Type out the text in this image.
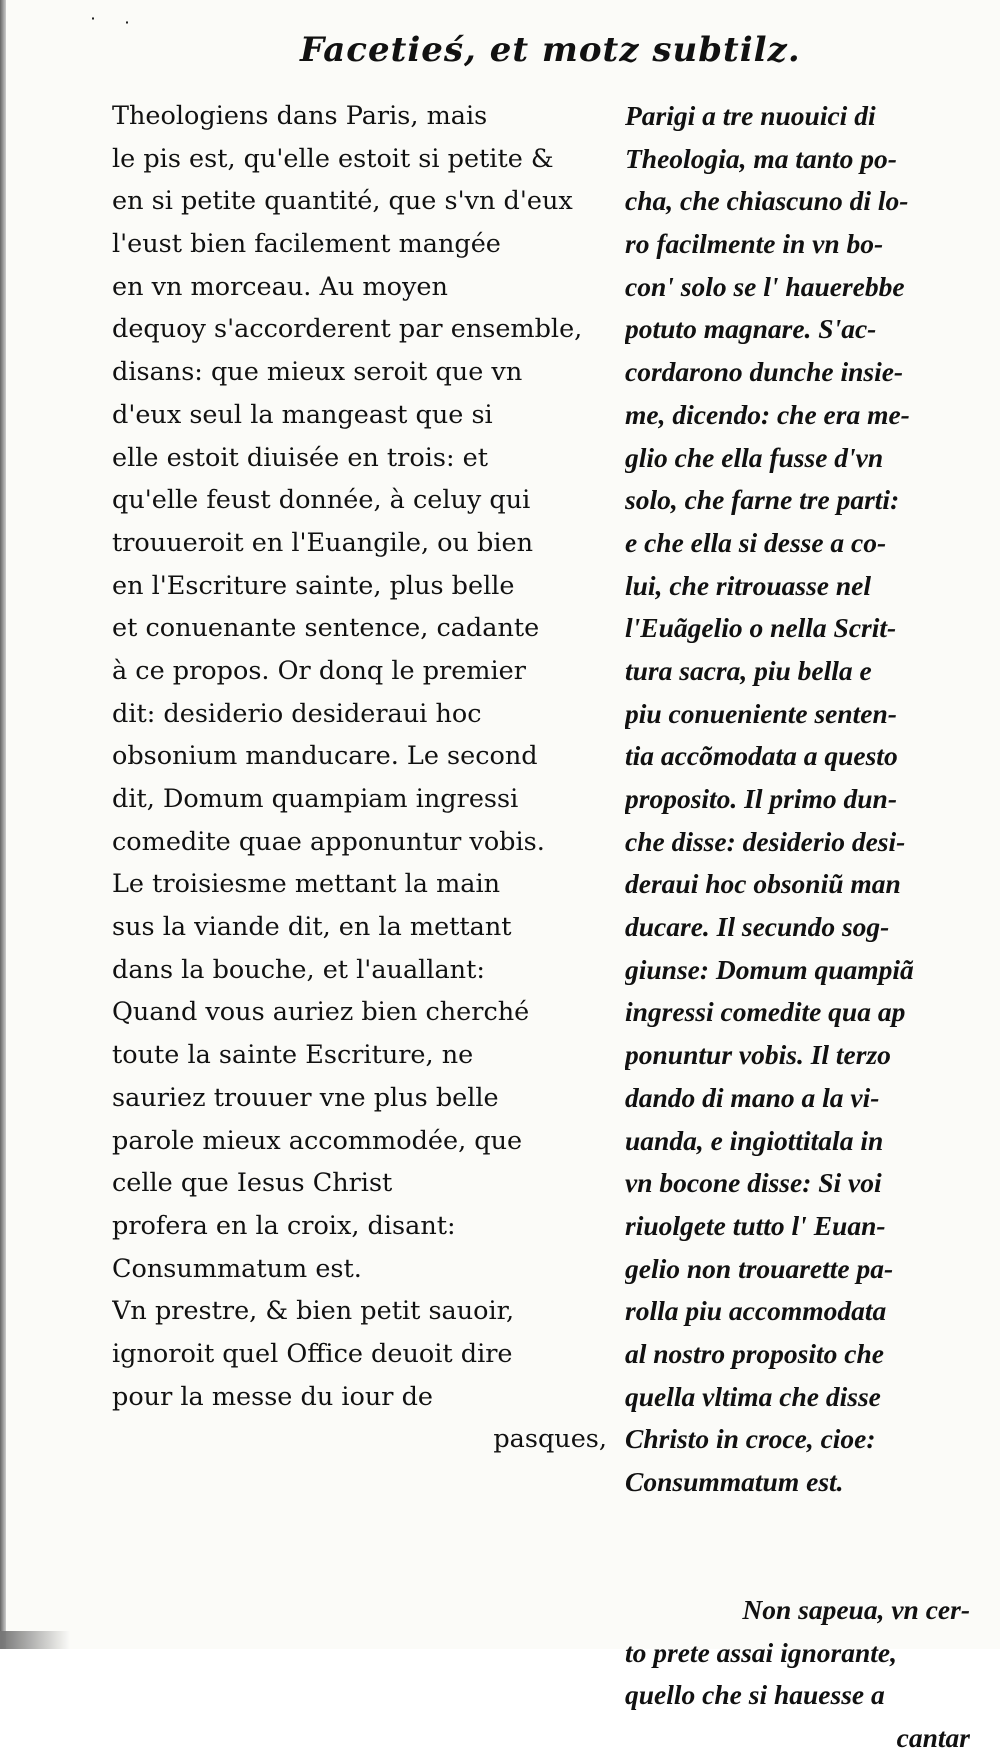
˙ ˙	Facetieś, et motz subtilz.
Theologiens dans Paris, mais
le pis est, qu'elle estoit si petite &
en si petite quantité, que s'vn d'eux
l'eust bien facilement mangée
en vn morceau. Au moyen
dequoy s'accorderent par ensemble,
disans: que mieux seroit que vn
d'eux seul la mangeast que si
elle estoit diuisée en trois: et
qu'elle feust donnée, à celuy qui
trouueroit en l'Euangile, ou bien
en l'Escriture sainte, plus belle
et conuenante sentence, cadante
à ce propos. Or donq le premier
dit: desiderio desideraui hoc
obsonium manducare. Le second
dit, Domum quampiam ingressi
comedite quae apponuntur vobis.
Le troisiesme mettant la main
sus la viande dit, en la mettant
dans la bouche, et l'auallant:
Quand vous auriez bien cherché
toute la sainte Escriture, ne
sauriez trouuer vne plus belle
parole mieux accommodée, que
celle que Iesus Christ
profera en la croix, disant:
Consummatum est.
Vn prestre, & bien petit sauoir,
ignoroit quel Office deuoit dire
pour la messe du iour de
pasques,
Parigi a tre nuouici di
Theologia, ma tanto po-
cha, che chiascuno di lo-
ro facilmente in vn bo-
con' solo se l' hauerebbe
potuto magnare. S'ac-
cordarono dunche insie-
me, dicendo: che era me-
glio che ella fusse d'vn
solo, che farne tre parti:
e che ella si desse a co-
lui, che ritrouasse nel
l'Euãgelio o nella Scrit-
tura sacra, piu bella e
piu conueniente senten-
tia accõmodata a questo
proposito. Il primo dun-
che disse: desiderio desi-
deraui hoc obsoniũ man
ducare. Il secundo sog-
giunse: Domum quampiã
ingressi comedite qua ap
ponuntur vobis. Il terzo
dando di mano a la vi-
uanda, e ingiottitala in
vn bocone disse: Si voi
riuolgete tutto l' Euan-
gelio non trouarette pa-
rolla piu accommodata
al nostro proposito che
quella vltima che disse
Christo in croce, cioe:
Consummatum est.
Non sapeua, vn cer-
to prete assai ignorante,
quello che si hauesse a
cantar
